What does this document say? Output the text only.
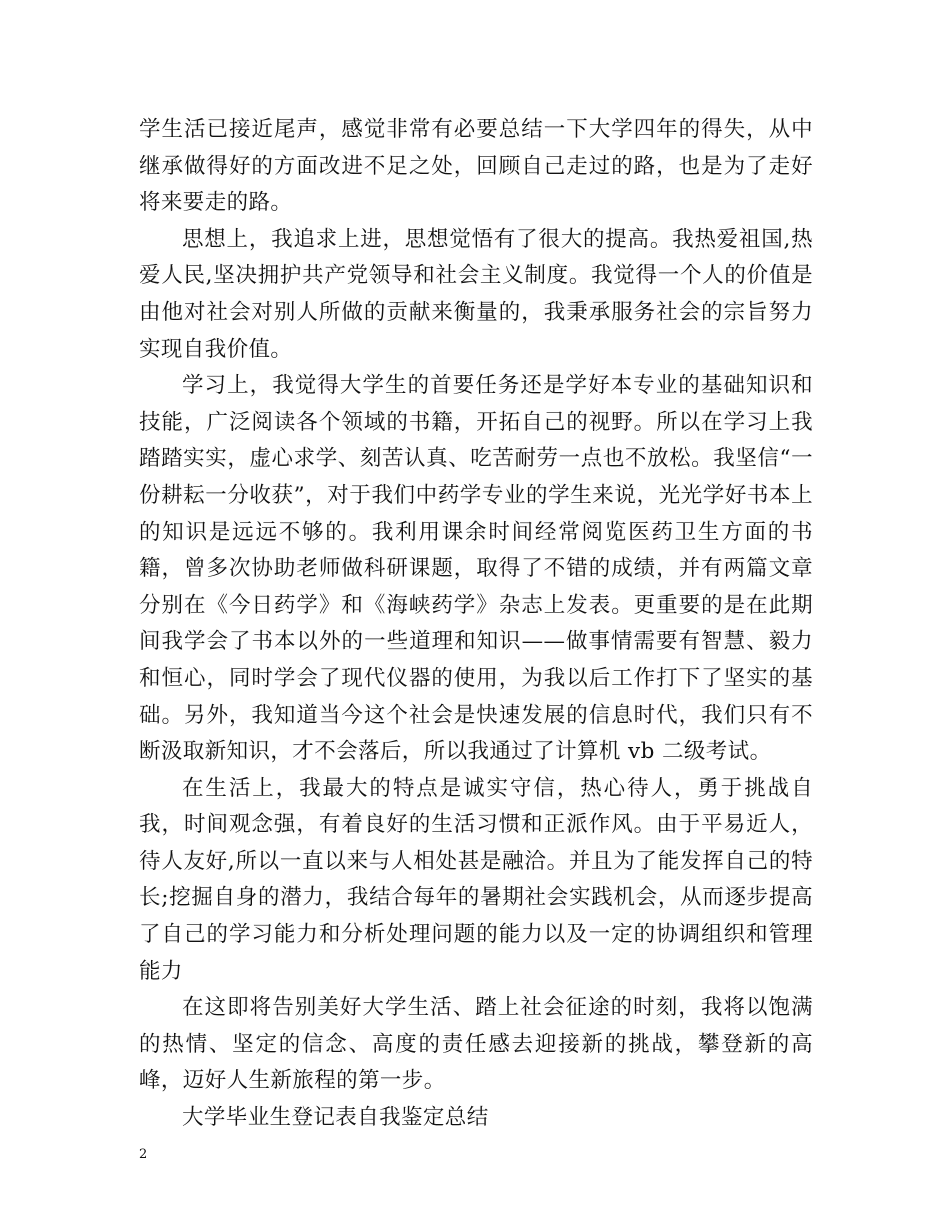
学生活已接近尾声，感觉非常有必要总结一下大学四年的得失，从中继承做得好的方面改进不足之处，回顾自己走过的路，也是为了走好将来要走的路。

思想上，我追求上进，思想觉悟有了很大的提高。我热爱祖国,热爱人民,坚决拥护共产党领导和社会主义制度。我觉得一个人的价值是由他对社会对别人所做的贡献来衡量的，我秉承服务社会的宗旨努力实现自我价值。

学习上，我觉得大学生的首要任务还是学好本专业的基础知识和技能，广泛阅读各个领域的书籍，开拓自己的视野。所以在学习上我踏踏实实，虚心求学、刻苦认真、吃苦耐劳一点也不放松。我坚信“一份耕耘一分收获”，对于我们中药学专业的学生来说，光光学好书本上的知识是远远不够的。我利用课余时间经常阅览医药卫生方面的书籍，曾多次协助老师做科研课题，取得了不错的成绩，并有两篇文章分别在《今日药学》和《海峡药学》杂志上发表。更重要的是在此期间我学会了书本以外的一些道理和知识——做事情需要有智慧、毅力和恒心，同时学会了现代仪器的使用，为我以后工作打下了坚实的基础。另外，我知道当今这个社会是快速发展的信息时代，我们只有不断汲取新知识，才不会落后，所以我通过了计算机 vb 二级考试。

在生活上，我最大的特点是诚实守信，热心待人，勇于挑战自我，时间观念强，有着良好的生活习惯和正派作风。由于平易近人，待人友好,所以一直以来与人相处甚是融洽。并且为了能发挥自己的特长;挖掘自身的潜力，我结合每年的暑期社会实践机会，从而逐步提高了自己的学习能力和分析处理问题的能力以及一定的协调组织和管理能力

在这即将告别美好大学生活、踏上社会征途的时刻，我将以饱满的热情、坚定的信念、高度的责任感去迎接新的挑战，攀登新的高峰，迈好人生新旅程的第一步。

大学毕业生登记表自我鉴定总结

2
